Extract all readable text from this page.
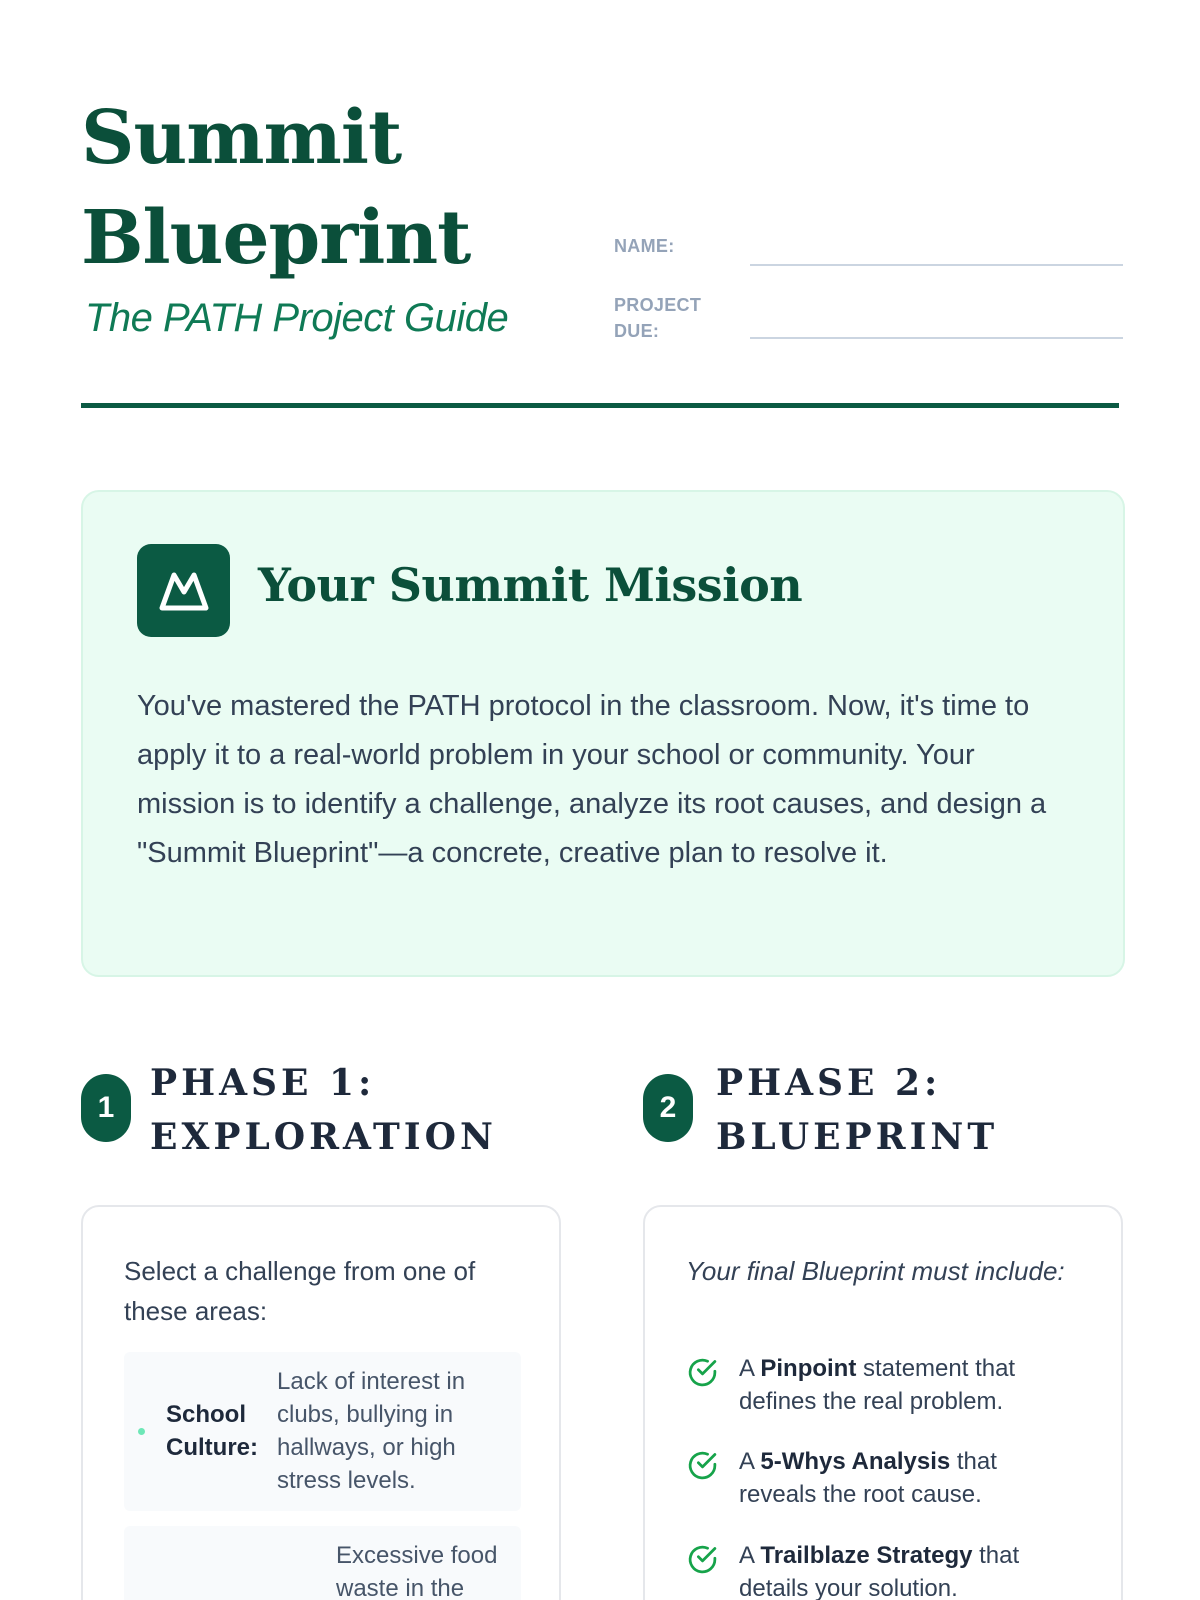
Summit
Blueprint
The PATH Project Guide
NAME:
PROJECT
DUE:
Your Summit Mission
You've mastered the PATH protocol in the classroom. Now, it's time to apply it to a real-world problem in your school or community. Your mission is to identify a challenge, analyze its root causes, and design a "Summit Blueprint"—a concrete, creative plan to resolve it.
1
PHASE 1:
EXPLORATION
2
PHASE 2:
BLUEPRINT
Select a challenge from one of these areas:
School
Culture:
Lack of interest in
clubs, bullying in
hallways, or high
stress levels.
Excessive food
waste in the
Your final Blueprint must include:
A Pinpoint statement that
defines the real problem.
A 5-Whys Analysis that
reveals the root cause.
A Trailblaze Strategy that
details your solution.
